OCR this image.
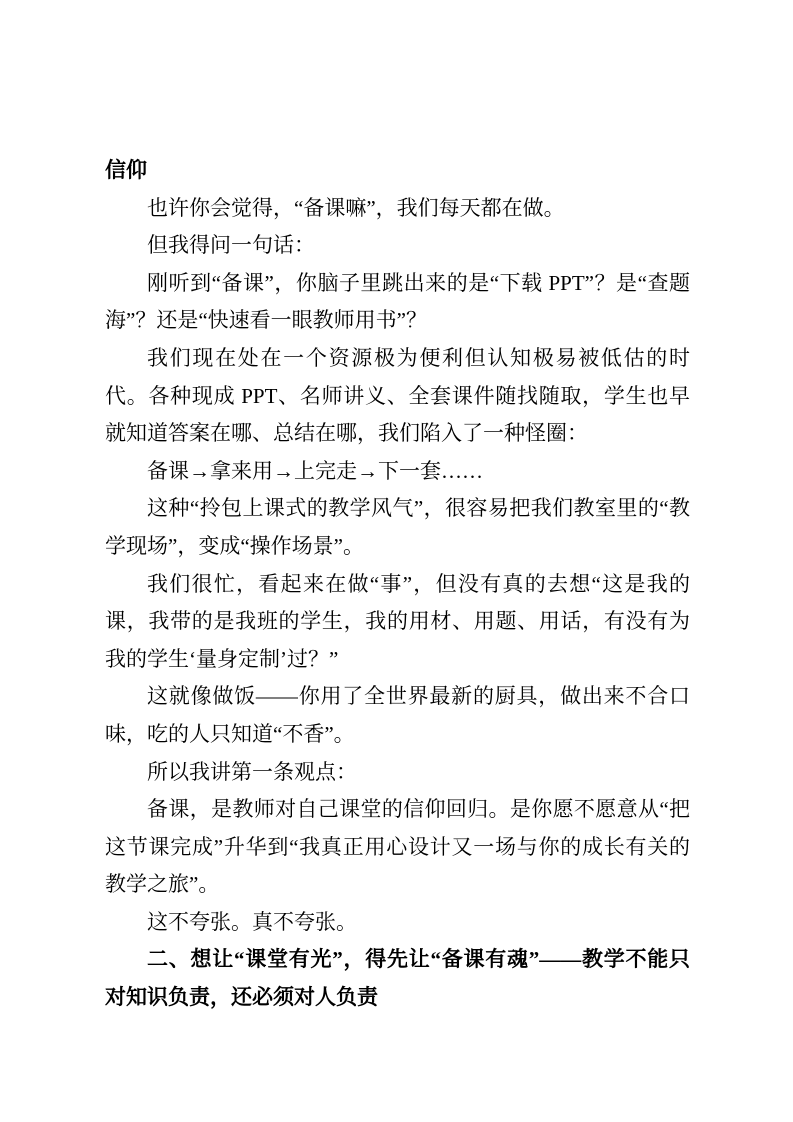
信仰

也许你会觉得，“备课嘛”，我们每天都在做。

但我得问一句话：

刚听到“备课”，你脑子里跳出来的是“下载 PPT”？是“查题海”？还是“快速看一眼教师用书”？

我们现在处在一个资源极为便利但认知极易被低估的时代。各种现成 PPT、名师讲义、全套课件随找随取，学生也早就知道答案在哪、总结在哪，我们陷入了一种怪圈：

备课→拿来用→上完走→下一套……

这种“拎包上课式的教学风气”，很容易把我们教室里的“教学现场”，变成“操作场景”。

我们很忙，看起来在做“事”，但没有真的去想“这是我的课，我带的是我班的学生，我的用材、用题、用话，有没有为我的学生‘量身定制’过？”

这就像做饭——你用了全世界最新的厨具，做出来不合口味，吃的人只知道“不香”。

所以我讲第一条观点：

备课，是教师对自己课堂的信仰回归。是你愿不愿意从“把这节课完成”升华到“我真正用心设计又一场与你的成长有关的教学之旅”。

这不夸张。真不夸张。

二、想让“课堂有光”，得先让“备课有魂”——教学不能只对知识负责，还必须对人负责
